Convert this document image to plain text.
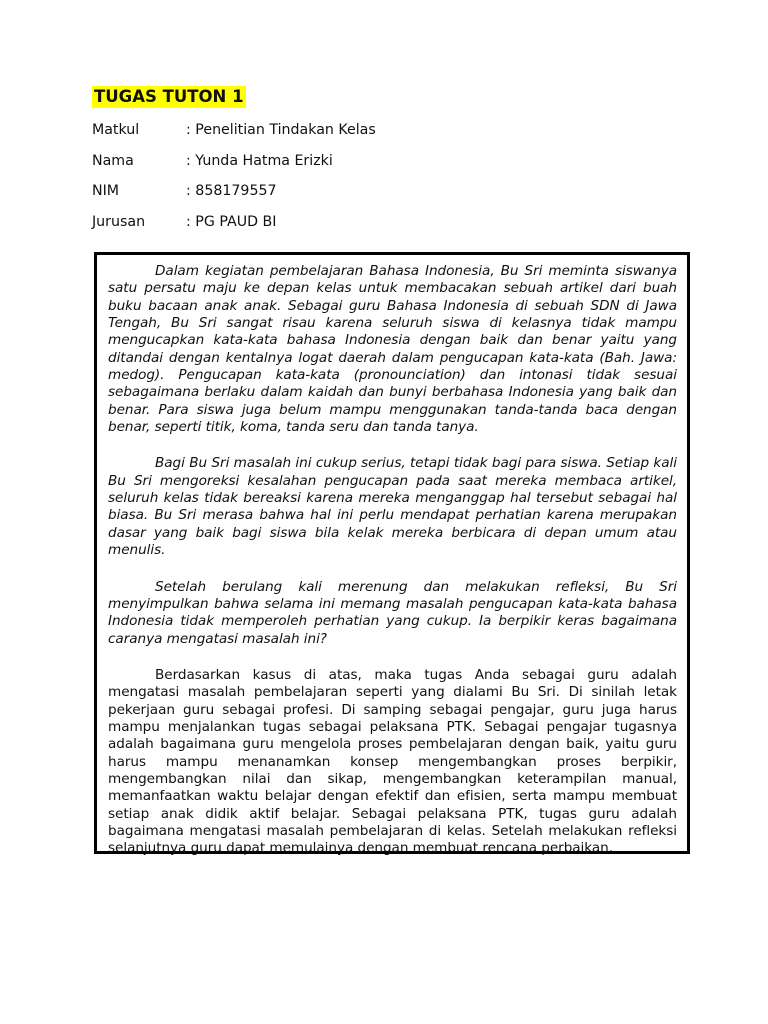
TUGAS TUTON 1
Matkul	: Penelitian Tindakan Kelas
Nama	: Yunda Hatma Erizki
NIM	: 858179557
Jurusan	: PG PAUD BI

Dalam kegiatan pembelajaran Bahasa Indonesia, Bu Sri meminta siswanya satu persatu maju ke depan kelas untuk membacakan sebuah artikel dari buah buku bacaan anak anak. Sebagai guru Bahasa Indonesia di sebuah SDN di Jawa Tengah, Bu Sri sangat risau karena seluruh siswa di kelasnya tidak mampu mengucapkan kata-kata bahasa Indonesia dengan baik dan benar yaitu yang ditandai dengan kentalnya logat daerah dalam pengucapan kata-kata (Bah. Jawa: medog). Pengucapan kata-kata (pronounciation) dan intonasi tidak sesuai sebagaimana berlaku dalam kaidah dan bunyi berbahasa Indonesia yang baik dan benar. Para siswa juga belum mampu menggunakan tanda-tanda baca dengan benar, seperti titik, koma, tanda seru dan tanda tanya.

Bagi Bu Sri masalah ini cukup serius, tetapi tidak bagi para siswa. Setiap kali Bu Sri mengoreksi kesalahan pengucapan pada saat mereka membaca artikel, seluruh kelas tidak bereaksi karena mereka menganggap hal tersebut sebagai hal biasa. Bu Sri merasa bahwa hal ini perlu mendapat perhatian karena merupakan dasar yang baik bagi siswa bila kelak mereka berbicara di depan umum atau menulis.

Setelah berulang kali merenung dan melakukan refleksi, Bu Sri menyimpulkan bahwa selama ini memang masalah pengucapan kata-kata bahasa Indonesia tidak memperoleh perhatian yang cukup. Ia berpikir keras bagaimana caranya mengatasi masalah ini?

Berdasarkan kasus di atas, maka tugas Anda sebagai guru adalah mengatasi masalah pembelajaran seperti yang dialami Bu Sri. Di sinilah letak pekerjaan guru sebagai profesi. Di samping sebagai pengajar, guru juga harus mampu menjalankan tugas sebagai pelaksana PTK. Sebagai pengajar tugasnya adalah bagaimana guru mengelola proses pembelajaran dengan baik, yaitu guru harus mampu menanamkan konsep mengembangkan proses berpikir, mengembangkan nilai dan sikap, mengembangkan keterampilan manual, memanfaatkan waktu belajar dengan efektif dan efisien, serta mampu membuat setiap anak didik aktif belajar. Sebagai pelaksana PTK, tugas guru adalah bagaimana mengatasi masalah pembelajaran di kelas. Setelah melakukan refleksi selanjutnya guru dapat memulainya dengan membuat rencana perbaikan.
